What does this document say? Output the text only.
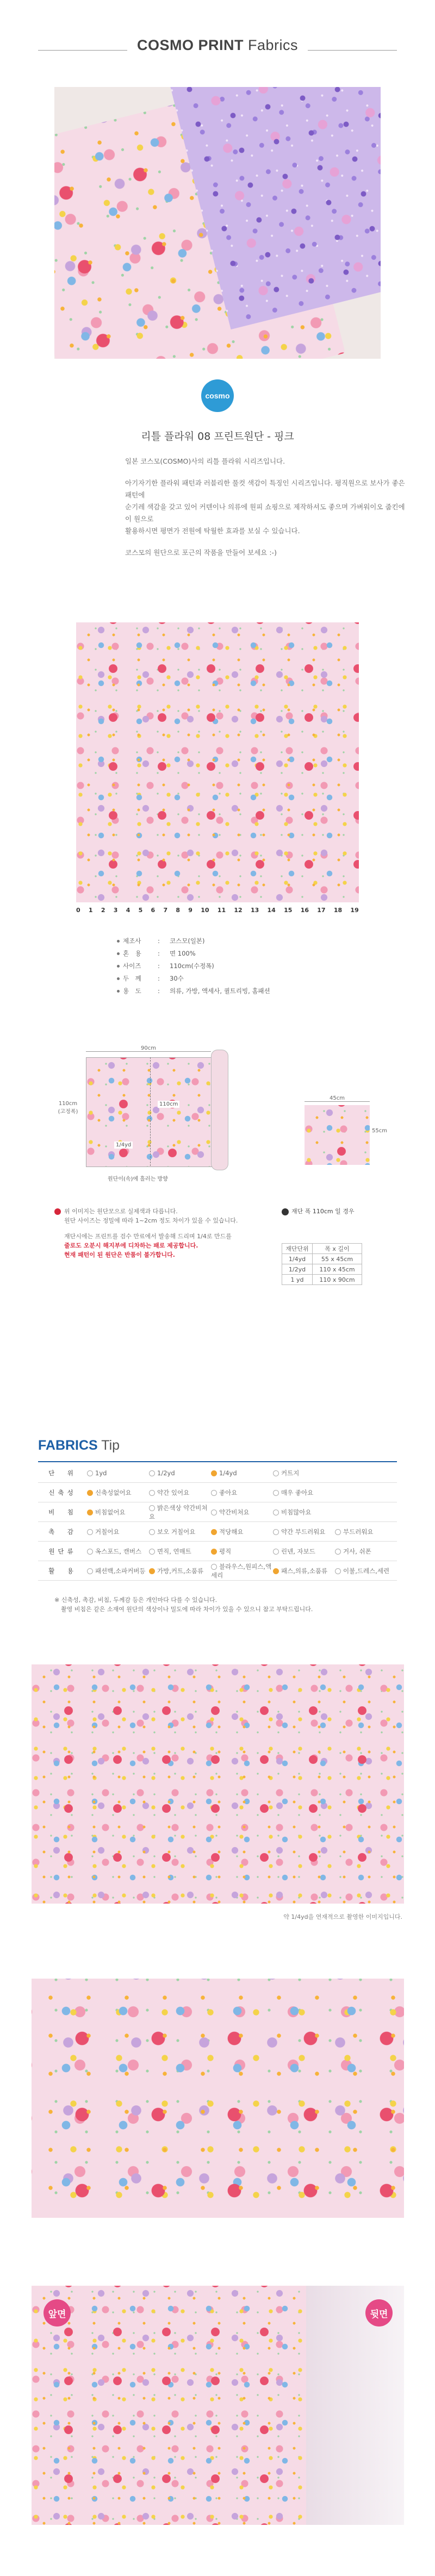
COSMO PRINT Fabrics
cosmo
리틀 플라워 08 프린트원단 - 핑크
일본 코스모(COSMO)사의 리틀 플라워 시리즈입니다.
아기자기한 플라워 패턴과 러블리한 풀컷 색감이 특징인 시리즈입니다. 평직원으로 보사가 좋은 패턴에
순기레 색감을 갖고 있어 커텐이나 의류에 원피 쇼핑으로 제작하셔도 좋으며 가벼워이오 줍킨에이 원으로
활용하시면 평면가 전원에 탁월한 효과를 보실 수 있습니다.
코스모의 원단으로 포근의 작품을 만들어 보세요 :-)
0 1 2 3 4 5 6 7 8 9 10 11 12 13 14 15 16 17 18 19
제조사	: 코스모(일본)
혼　용	: 면 100%
사이즈	: 110cm(수정폭)
두　께	: 30수
용　도	: 의류, 가방, 액세사, 퀼트리빙, 홈패션
90cm
110cm
(고정폭)
110cm
1/4yd
원단이(속)에 흘러는 방향
45cm
55cm
위 이미지는 원단모으로 실제색과 다릅니다.
원단 사이즈는 정밀에 따라 1~2cm 정도 차이가 있을 수 있습니다.
재단시에는 프린트를 검수 만료에서 발송해 드리며 1/4로 만드를
줄로도 오분시 해지부에 디차하는 패로 제공합니다.
현재 패턴이 된 원단은 반품이 불가합니다.
재단 폭 110cm 일 경우
재단단위	폭 x 길이
1/4yd	55 x 45cm
1/2yd	110 x 45cm
1 yd	110 x 90cm
FABRICS Tip
단　위	1yd	1/2yd	1/4yd	커트지	
신축성	신축성없어요	약간 있어요	좋아요	매우 좋아요	
비　침	비침없어요	밝은색상 약간비쳐요	약간비쳐요	비침많아요	
촉　감	거칠어요	보오 거칠어요	적당해요	약간 부드러워요	부드러워요
원단류	옥스포드, 캔버스	면직, 연매트	평직	린넨, 자보드	거사, 쉬폰
활　용	패션백,소파커버등	가방,커트,소품류	블라우스,원피스,액세리	패스,의류,소품류	이불,드레스,세련
※ 신축성, 촉감, 비침, 두께감 등은 개인마다 다를 수 있습니다.
촬영 비침은 같은 소재여 원단의 색상이나 밀도에 따라 차이가 있을 수 있으니 참고 부탁드립니다.
약 1/4yd을 연재적으로 촬영한 이미지입니다.
앞면	뒷면
